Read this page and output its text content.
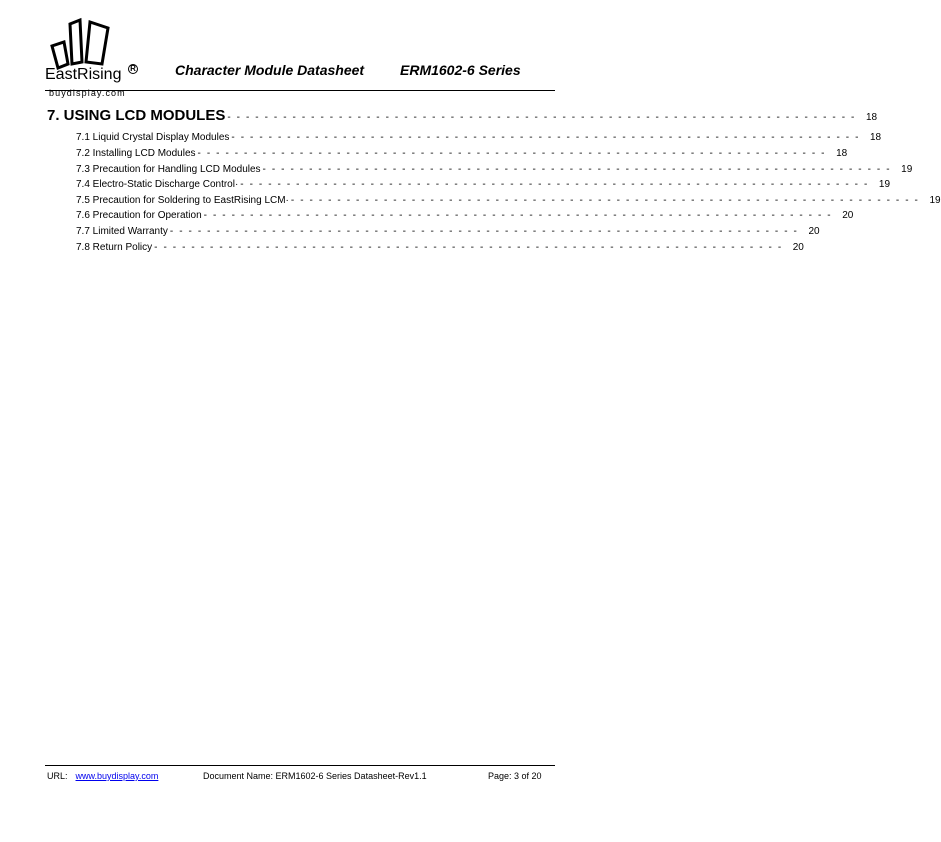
EastRising R
buydisplay.com
Character Module Datasheet	ERM1602-6 Series
7. USING LCD MODULES - - - - - - - - - - - - - - - - - - - - - - - - - - - - - - - - - - - - - - - - - - - - - - - - - - - - - - - - - - - - - - - - - - - - 18
7.1 Liquid Crystal Display Modules - - - - - - - - - - - - - - - - - - - - - - - - - - - - - - - - - - - - - - - - - - - - - - - - - - - - - - - - - - - - - - - - - - - - 18
7.2 Installing LCD Modules - - - - - - - - - - - - - - - - - - - - - - - - - - - - - - - - - - - - - - - - - - - - - - - - - - - - - - - - - - - - - - - - - - - - 18
7.3 Precaution for Handling LCD Modules - - - - - - - - - - - - - - - - - - - - - - - - - - - - - - - - - - - - - - - - - - - - - - - - - - - - - - - - - - - - - - - - - - - - 19
7.4 Electro-Static Discharge Control· - - - - - - - - - - - - - - - - - - - - - - - - - - - - - - - - - - - - - - - - - - - - - - - - - - - - - - - - - - - - - - - - - - - - 19
7.5 Precaution for Soldering to EastRising LCM· - - - - - - - - - - - - - - - - - - - - - - - - - - - - - - - - - - - - - - - - - - - - - - - - - - - - - - - - - - - - - - - - - - - - 19
7.6 Precaution for Operation - - - - - - - - - - - - - - - - - - - - - - - - - - - - - - - - - - - - - - - - - - - - - - - - - - - - - - - - - - - - - - - - - - - - 20
7.7 Limited Warranty - - - - - - - - - - - - - - - - - - - - - - - - - - - - - - - - - - - - - - - - - - - - - - - - - - - - - - - - - - - - - - - - - - - - 20
7.8 Return Policy - - - - - - - - - - - - - - - - - - - - - - - - - - - - - - - - - - - - - - - - - - - - - - - - - - - - - - - - - - - - - - - - - - - - 20
URL: www.buydisplay.com	Document Name: ERM1602-6 Series Datasheet-Rev1.1	Page: 3 of 20
